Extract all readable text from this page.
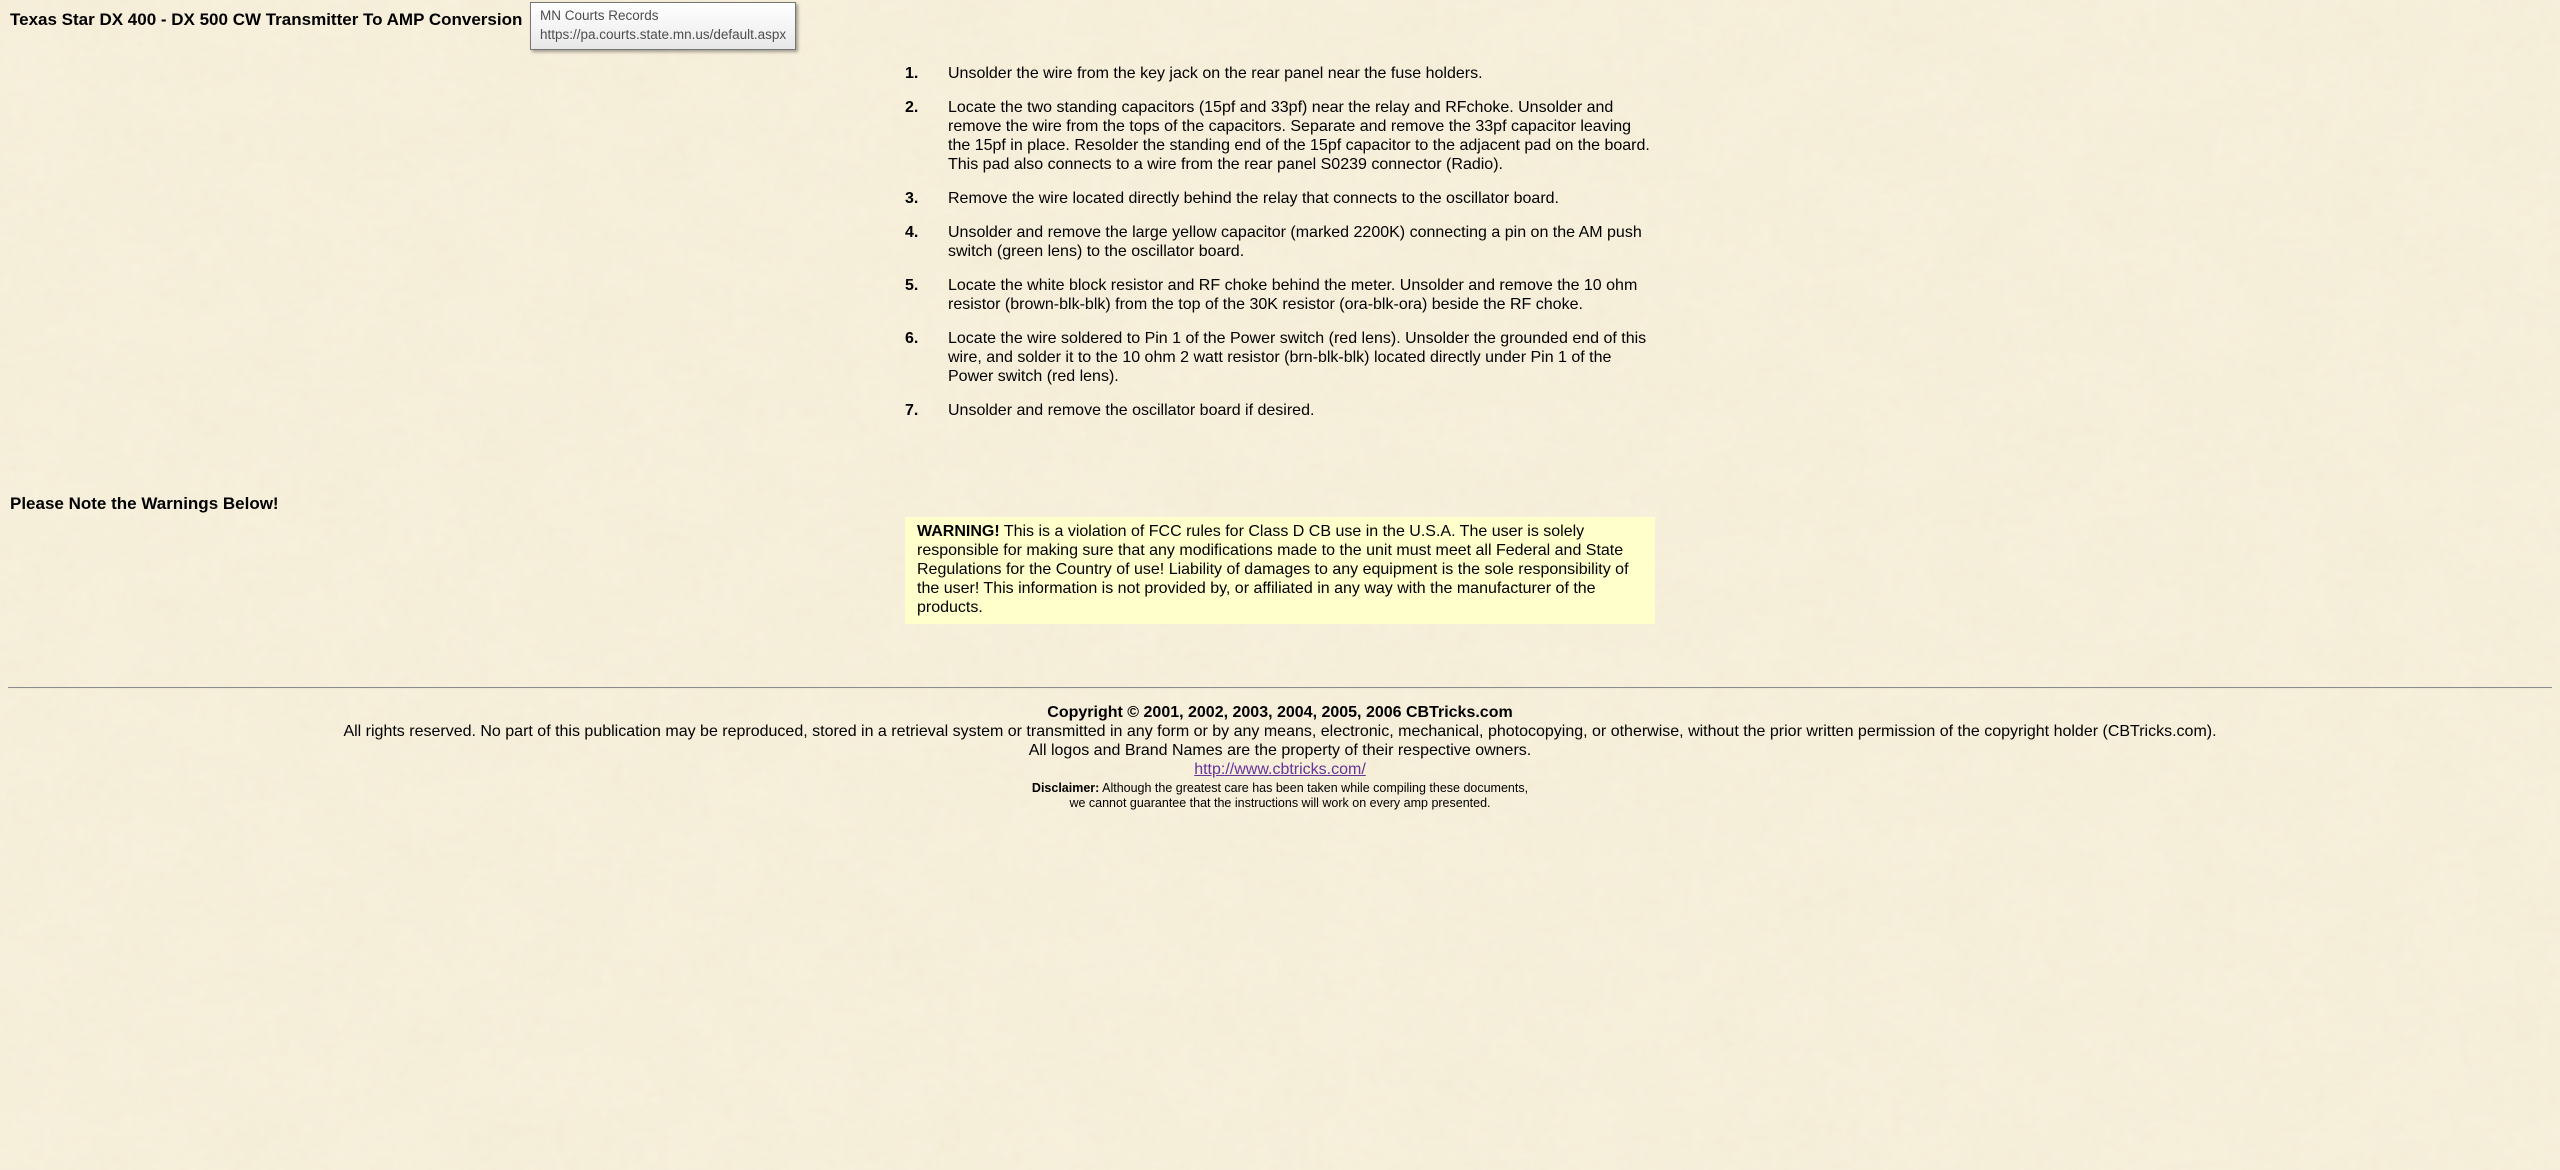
Texas Star DX 400 - DX 500 CW Transmitter To AMP Conversion MN Courts Records
https://pa.courts.state.mn.us/default.aspx
1.	Unsolder the wire from the key jack on the rear panel near the fuse holders.
2.	Locate the two standing capacitors (15pf and 33pf) near the relay and RFchoke. Unsolder and remove the wire from the tops of the capacitors. Separate and remove the 33pf capacitor leaving the 15pf in place. Resolder the standing end of the 15pf capacitor to the adjacent pad on the board. This pad also connects to a wire from the rear panel S0239 connector (Radio).
3.	Remove the wire located directly behind the relay that connects to the oscillator board.
4.	Unsolder and remove the large yellow capacitor (marked 2200K) connecting a pin on the AM push switch (green lens) to the oscillator board.
5.	Locate the white block resistor and RF choke behind the meter. Unsolder and remove the 10 ohm resistor (brown-blk-blk) from the top of the 30K resistor (ora-blk-ora) beside the RF choke.
6.	Locate the wire soldered to Pin 1 of the Power switch (red lens). Unsolder the grounded end of this wire, and solder it to the 10 ohm 2 watt resistor (brn-blk-blk) located directly under Pin 1 of the Power switch (red lens).
7.	Unsolder and remove the oscillator board if desired.
Please Note the Warnings Below!
WARNING! This is a violation of FCC rules for Class D CB use in the U.S.A. The user is solely responsible for making sure that any modifications made to the unit must meet all Federal and State Regulations for the Country of use! Liability of damages to any equipment is the sole responsibility of the user! This information is not provided by, or affiliated in any way with the manufacturer of the products.
Copyright © 2001, 2002, 2003, 2004, 2005, 2006 CBTricks.com
All rights reserved. No part of this publication may be reproduced, stored in a retrieval system or transmitted in any form or by any means, electronic, mechanical, photocopying, or otherwise, without the prior written permission of the copyright holder (CBTricks.com).
All logos and Brand Names are the property of their respective owners.
http://www.cbtricks.com/
Disclaimer: Although the greatest care has been taken while compiling these documents,
we cannot guarantee that the instructions will work on every amp presented.
